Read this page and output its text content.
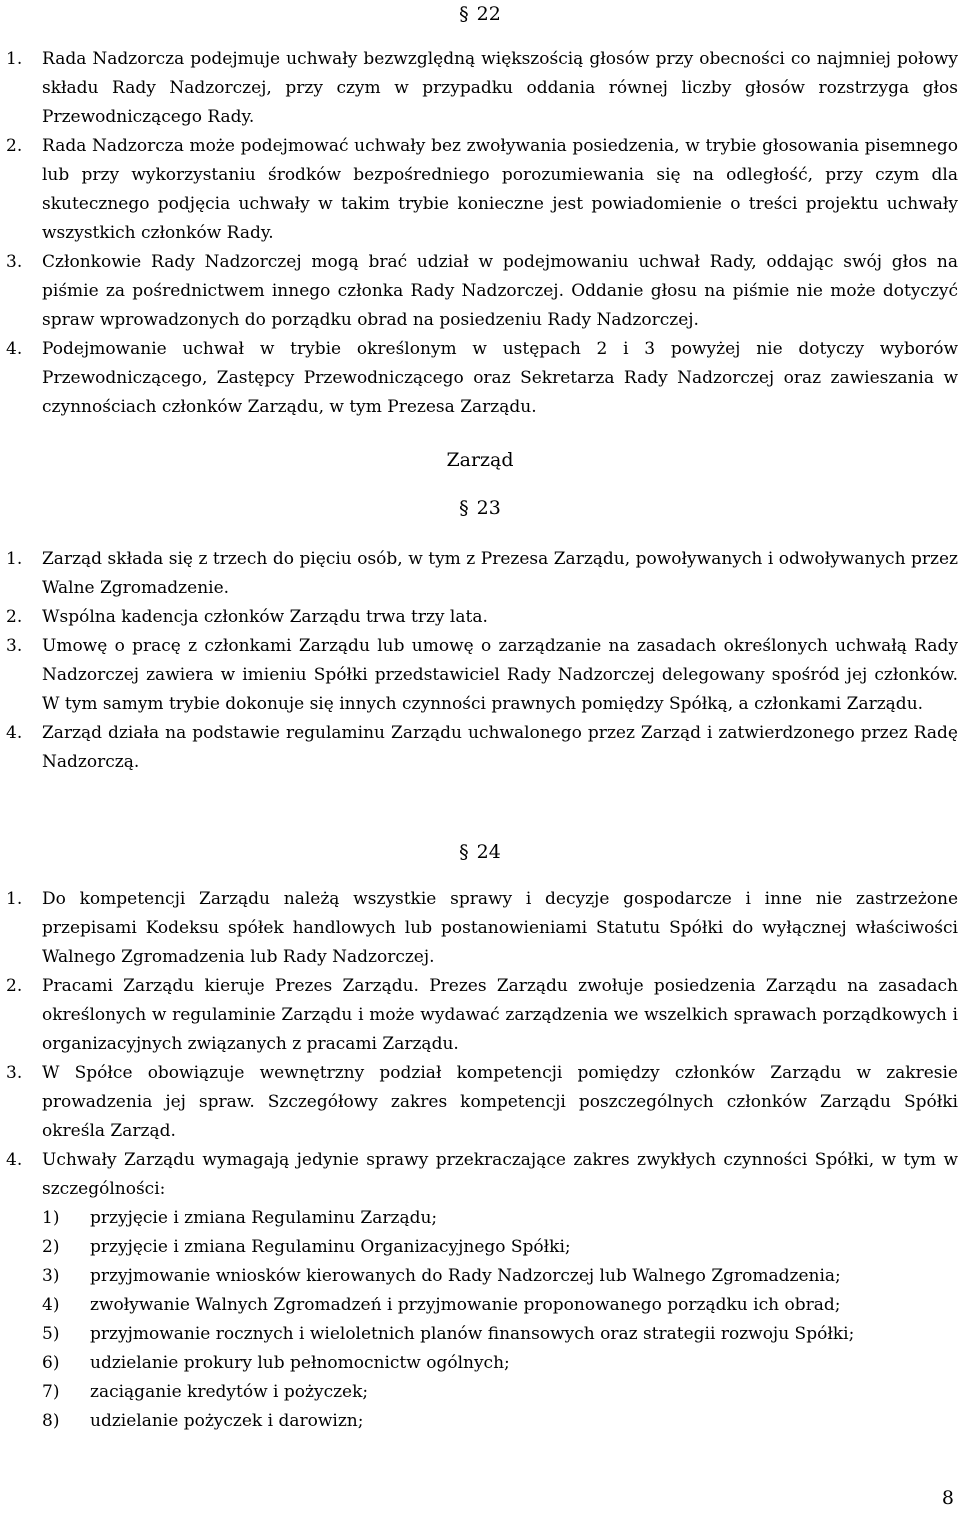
§ 22
1. Rada Nadzorcza podejmuje uchwały bezwzględną większością głosów przy obecności co najmniej połowy składu Rady Nadzorczej, przy czym w przypadku oddania równej liczby głosów rozstrzyga głos Przewodniczącego Rady.
2. Rada Nadzorcza może podejmować uchwały bez zwoływania posiedzenia, w trybie głosowania pisemnego lub przy wykorzystaniu środków bezpośredniego porozumiewania się na odległość, przy czym dla skutecznego podjęcia uchwały w takim trybie konieczne jest powiadomienie o treści projektu uchwały wszystkich członków Rady.
3. Członkowie Rady Nadzorczej mogą brać udział w podejmowaniu uchwał Rady, oddając swój głos na piśmie za pośrednictwem innego członka Rady Nadzorczej. Oddanie głosu na piśmie nie może dotyczyć spraw wprowadzonych do porządku obrad na posiedzeniu Rady Nadzorczej.
4. Podejmowanie uchwał w trybie określonym w ustępach 2 i 3 powyżej nie dotyczy wyborów Przewodniczącego, Zastępcy Przewodniczącego oraz Sekretarza Rady Nadzorczej oraz zawieszania w czynnościach członków Zarządu, w tym Prezesa Zarządu.
Zarząd
§ 23
1. Zarząd składa się z trzech do pięciu osób, w tym z Prezesa Zarządu, powoływanych i odwoływanych przez Walne Zgromadzenie.
2. Wspólna kadencja członków Zarządu trwa trzy lata.
3. Umowę o pracę z członkami Zarządu lub umowę o zarządzanie na zasadach określonych uchwałą Rady Nadzorczej zawiera w imieniu Spółki przedstawiciel Rady Nadzorczej delegowany spośród jej członków. W tym samym trybie dokonuje się innych czynności prawnych pomiędzy Spółką, a członkami Zarządu.
4. Zarząd działa na podstawie regulaminu Zarządu uchwalonego przez Zarząd i zatwierdzonego przez Radę Nadzorczą.
§ 24
1. Do kompetencji Zarządu należą wszystkie sprawy i decyzje gospodarcze i inne nie zastrzeżone przepisami Kodeksu spółek handlowych lub postanowieniami Statutu Spółki do wyłącznej właściwości Walnego Zgromadzenia lub Rady Nadzorczej.
2. Pracami Zarządu kieruje Prezes Zarządu. Prezes Zarządu zwołuje posiedzenia Zarządu na zasadach określonych w regulaminie Zarządu i może wydawać zarządzenia we wszelkich sprawach porządkowych i organizacyjnych związanych z pracami Zarządu.
3. W Spółce obowiązuje wewnętrzny podział kompetencji pomiędzy członków Zarządu w zakresie prowadzenia jej spraw. Szczegółowy zakres kompetencji poszczególnych członków Zarządu Spółki określa Zarząd.
4. Uchwały Zarządu wymagają jedynie sprawy przekraczające zakres zwykłych czynności Spółki, w tym w szczególności:
1) przyjęcie i zmiana Regulaminu Zarządu;
2) przyjęcie i zmiana Regulaminu Organizacyjnego Spółki;
3) przyjmowanie wniosków kierowanych do Rady Nadzorczej lub Walnego Zgromadzenia;
4) zwoływanie Walnych Zgromadzeń i przyjmowanie proponowanego porządku ich obrad;
5) przyjmowanie rocznych i wieloletnich planów finansowych oraz strategii rozwoju Spółki;
6) udzielanie prokury lub pełnomocnictw ogólnych;
7) zaciąganie kredytów i pożyczek;
8) udzielanie pożyczek i darowizn;
8
